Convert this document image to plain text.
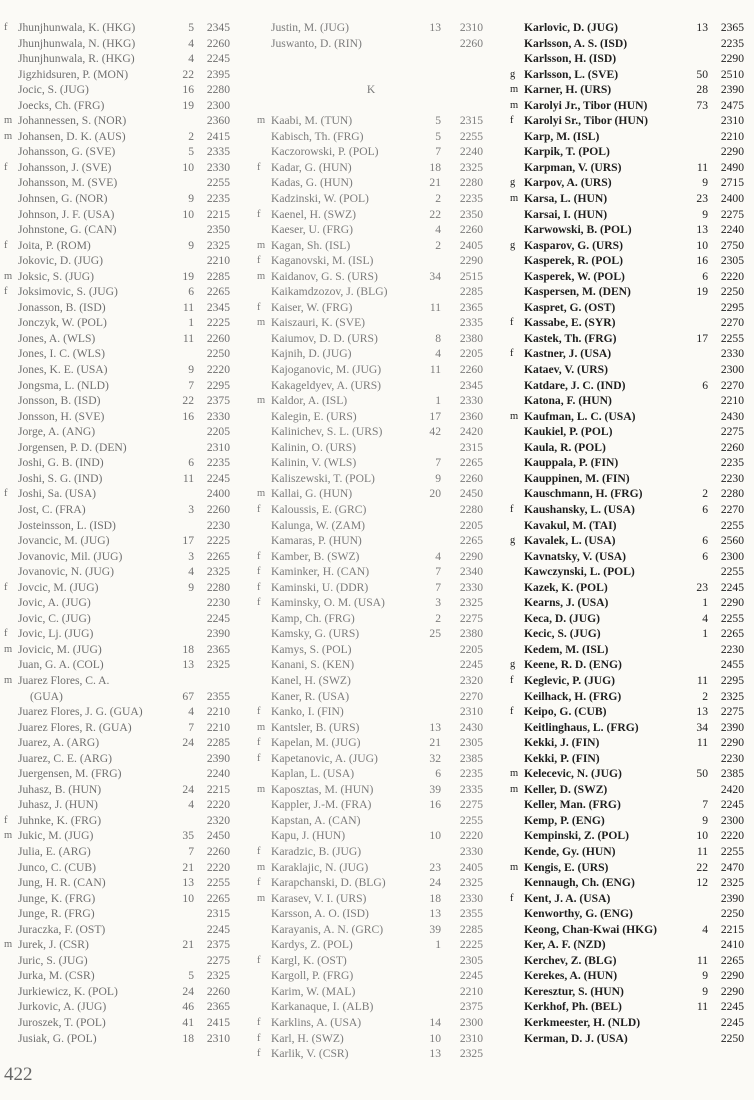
f Jhunjhunwala, K. (HKG)	5	2345
Jhunjhunwala, N. (HKG)	4	2260
Jhunjhunwala, R. (HKG)	4	2245
Jigzhidsuren, P. (MON)	22	2395
Jocic, S. (JUG)	16	2280
Joecks, Ch. (FRG)	19	2300
m Johannessen, S. (NOR)	2360
m Johansen, D. K. (AUS)	2	2415
Johansson, G. (SVE)	5	2335
f Johansson, J. (SVE)	10	2330
Johansson, M. (SVE)	2255
Johnsen, G. (NOR)	9	2235
Johnson, J. F. (USA)	10	2215
Johnstone, G. (CAN)	2350
f Joita, P. (ROM)	9	2325
Jokovic, D. (JUG)	2210
m Joksic, S. (JUG)	19	2285
f Joksimovic, S. (JUG)	6	2265
Jonasson, B. (ISD)	11	2345
Jonczyk, W. (POL)	1	2225
Jones, A. (WLS)	11	2260
Jones, I. C. (WLS)	2250
Jones, K. E. (USA)	9	2220
Jongsma, L. (NLD)	7	2295
Jonsson, B. (ISD)	22	2375
Jonsson, H. (SVE)	16	2330
Jorge, A. (ANG)	2205
Jorgensen, P. D. (DEN)	2310
Joshi, G. B. (IND)	6	2235
Joshi, S. G. (IND)	11	2245
f Joshi, Sa. (USA)	2400
Jost, C. (FRA)	3	2260
Josteinsson, L. (ISD)	2230
Jovancic, M. (JUG)	17	2225
Jovanovic, Mil. (JUG)	3	2265
Jovanovic, N. (JUG)	4	2325
f Jovcic, M. (JUG)	9	2280
Jovic, A. (JUG)	2230
Jovic, C. (JUG)	2245
f Jovic, Lj. (JUG)	2390
m Jovicic, M. (JUG)	18	2365
Juan, G. A. (COL)	13	2325
m Juarez Flores, C. A.
(GUA)	67	2355
Juarez Flores, J. G. (GUA)	4	2210
Juarez Flores, R. (GUA)	7	2210
Juarez, A. (ARG)	24	2285
Juarez, C. E. (ARG)	2390
Juergensen, M. (FRG)	2240
Juhasz, B. (HUN)	24	2215
Juhasz, J. (HUN)	4	2220
f Juhnke, K. (FRG)	2320
m Jukic, M. (JUG)	35	2450
Julia, E. (ARG)	7	2260
Junco, C. (CUB)	21	2220
Jung, H. R. (CAN)	13	2255
Junge, K. (FRG)	10	2265
Junge, R. (FRG)	2315
Juraczka, F. (OST)	2245
m Jurek, J. (CSR)	21	2375
Juric, S. (JUG)	2275
Jurka, M. (CSR)	5	2325
Jurkiewicz, K. (POL)	24	2260
Jurkovic, A. (JUG)	46	2365
Juroszek, T. (POL)	41	2415
Jusiak, G. (POL)	18	2310
Justin, M. (JUG)	13	2310
Juswanto, D. (RIN)	2260
K
m Kaabi, M. (TUN)	5	2315
Kabisch, Th. (FRG)	5	2255
Kaczorowski, P. (POL)	7	2240
f Kadar, G. (HUN)	18	2325
Kadas, G. (HUN)	21	2280
Kadzinski, W. (POL)	2	2235
f Kaenel, H. (SWZ)	22	2350
Kaeser, U. (FRG)	4	2260
m Kagan, Sh. (ISL)	2	2405
f Kaganovski, M. (ISL)	2290
m Kaidanov, G. S. (URS)	34	2515
Kaikamdzozov, J. (BLG)	2285
f Kaiser, W. (FRG)	11	2365
m Kaiszauri, K. (SVE)	2335
Kaiumov, D. D. (URS)	8	2380
Kajnih, D. (JUG)	4	2205
Kajoganovic, M. (JUG)	11	2260
Kakageldyev, A. (URS)	2345
m Kaldor, A. (ISL)	1	2330
Kalegin, E. (URS)	17	2360
Kalinichev, S. L. (URS)	42	2420
Kalinin, O. (URS)	2315
Kalinin, V. (WLS)	7	2265
Kaliszewski, T. (POL)	9	2260
m Kallai, G. (HUN)	20	2450
f Kaloussis, E. (GRC)	2280
Kalunga, W. (ZAM)	2205
Kamaras, P. (HUN)	2265
f Kamber, B. (SWZ)	4	2290
f Kaminker, H. (CAN)	7	2340
f Kaminski, U. (DDR)	7	2330
f Kaminsky, O. M. (USA)	3	2325
Kamp, Ch. (FRG)	2	2275
Kamsky, G. (URS)	25	2380
Kamys, S. (POL)	2205
Kanani, S. (KEN)	2245
Kanel, H. (SWZ)	2320
Kaner, R. (USA)	2270
f Kanko, I. (FIN)	2310
m Kantsler, B. (URS)	13	2430
f Kapelan, M. (JUG)	21	2305
f Kapetanovic, A. (JUG)	32	2385
Kaplan, L. (USA)	6	2235
m Kaposztas, M. (HUN)	39	2335
Kappler, J.-M. (FRA)	16	2275
Kapstan, A. (CAN)	2255
Kapu, J. (HUN)	10	2220
f Karadzic, B. (JUG)	2330
m Karaklajic, N. (JUG)	23	2405
f Karapchanski, D. (BLG)	24	2325
m Karasev, V. I. (URS)	18	2330
Karsson, A. O. (ISD)	13	2355
Karayanis, A. N. (GRC)	39	2285
Kardys, Z. (POL)	1	2225
f Kargl, K. (OST)	2305
Kargoll, P. (FRG)	2245
Karim, W. (MAL)	2210
Karkanaque, I. (ALB)	2375
f Karklins, A. (USA)	14	2300
f Karl, H. (SWZ)	10	2310
f Karlik, V. (CSR)	13	2325
Karlovic, D. (JUG)	13	2365
Karlsson, A. S. (ISD)	2235
Karlsson, H. (ISD)	2290
g Karlsson, L. (SVE)	50	2510
m Karner, H. (URS)	28	2390
m Karolyi Jr., Tibor (HUN)	73	2475
f Karolyi Sr., Tibor (HUN)	2310
Karp, M. (ISL)	2210
Karpik, T. (POL)	2290
Karpman, V. (URS)	11	2490
g Karpov, A. (URS)	9	2715
m Karsa, L. (HUN)	23	2400
Karsai, I. (HUN)	9	2275
Karwowski, B. (POL)	13	2240
g Kasparov, G. (URS)	10	2750
Kasperek, R. (POL)	16	2305
Kasperek, W. (POL)	6	2220
Kaspersen, M. (DEN)	19	2250
Kaspret, G. (OST)	2295
f Kassabe, E. (SYR)	2270
Kastek, Th. (FRG)	17	2255
f Kastner, J. (USA)	2330
Kataev, V. (URS)	2300
Katdare, J. C. (IND)	6	2270
Katona, F. (HUN)	2210
m Kaufman, L. C. (USA)	2430
Kaukiel, P. (POL)	2275
Kaula, R. (POL)	2260
Kauppala, P. (FIN)	2235
Kauppinen, M. (FIN)	2230
Kauschmann, H. (FRG)	2	2280
f Kaushansky, L. (USA)	6	2270
Kavakul, M. (TAI)	2255
g Kavalek, L. (USA)	6	2560
Kavnatsky, V. (USA)	6	2300
Kawczynski, L. (POL)	2255
Kazek, K. (POL)	23	2245
Kearns, J. (USA)	1	2290
Keca, D. (JUG)	4	2255
Kecic, S. (JUG)	1	2265
Kedem, M. (ISL)	2230
g Keene, R. D. (ENG)	2455
f Keglevic, P. (JUG)	11	2295
Keilhack, H. (FRG)	2	2325
f Keipo, G. (CUB)	13	2275
Keitlinghaus, L. (FRG)	34	2390
Kekki, J. (FIN)	11	2290
Kekki, P. (FIN)	2230
m Kelecevic, N. (JUG)	50	2385
m Keller, D. (SWZ)	2420
Keller, Man. (FRG)	7	2245
Kemp, P. (ENG)	9	2300
Kempinski, Z. (POL)	10	2220
Kende, Gy. (HUN)	11	2255
m Kengis, E. (URS)	22	2470
Kennaugh, Ch. (ENG)	12	2325
f Kent, J. A. (USA)	2390
Kenworthy, G. (ENG)	2250
Keong, Chan-Kwai (HKG)	4	2215
Ker, A. F. (NZD)	2410
Kerchev, Z. (BLG)	11	2265
Kerekes, A. (HUN)	9	2290
Keresztur, S. (HUN)	9	2290
Kerkhof, Ph. (BEL)	11	2245
Kerkmeester, H. (NLD)	2245
Kerman, D. J. (USA)	2250
422
